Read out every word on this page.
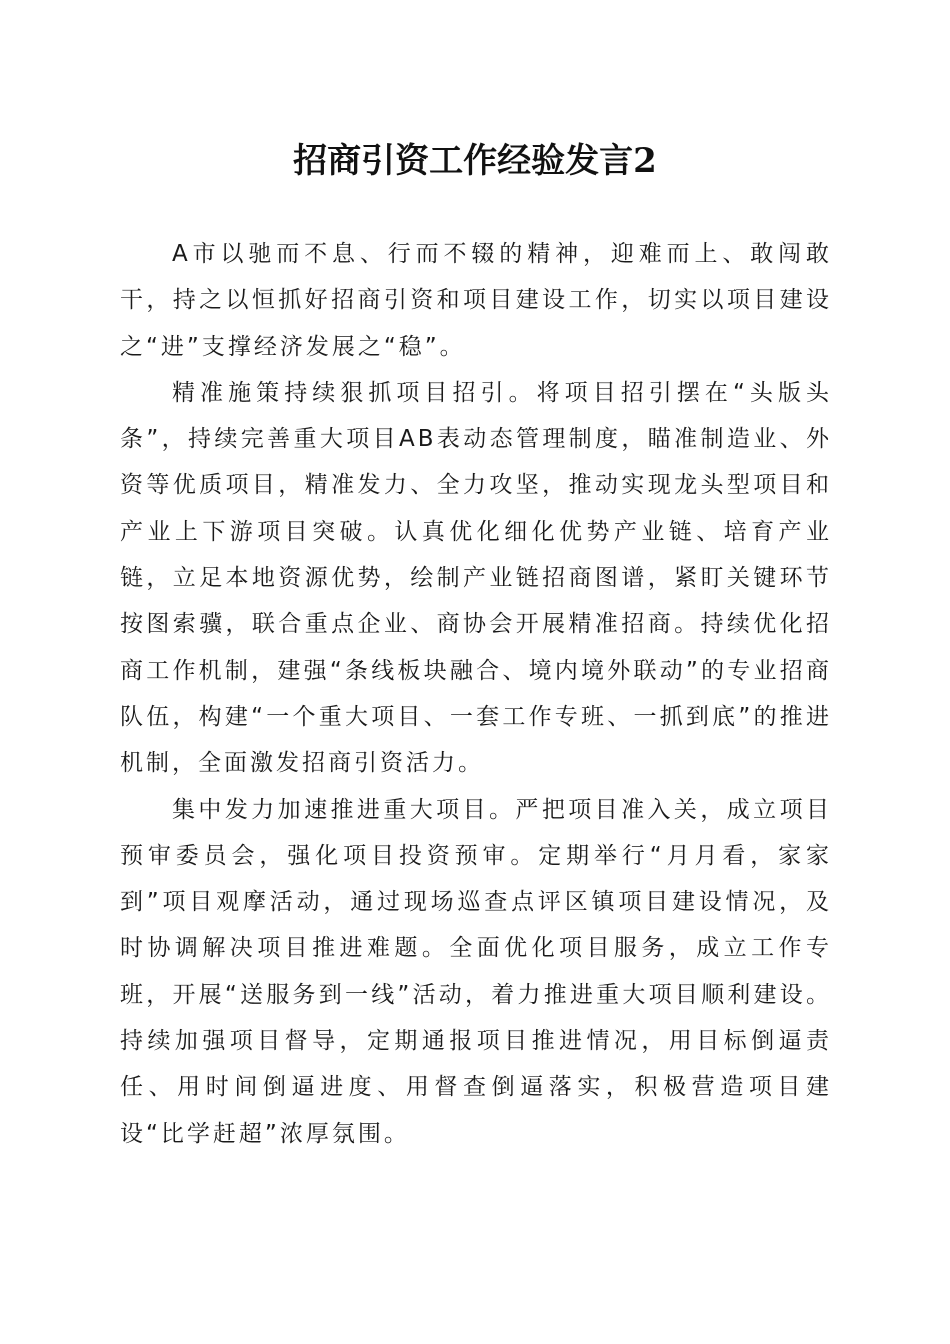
招商引资工作经验发言2

A市以驰而不息、行而不辍的精神，迎难而上、敢闯敢干，持之以恒抓好招商引资和项目建设工作，切实以项目建设之“进”支撑经济发展之“稳”。

精准施策持续狠抓项目招引。将项目招引摆在“头版头条”，持续完善重大项目AB表动态管理制度，瞄准制造业、外资等优质项目，精准发力、全力攻坚，推动实现龙头型项目和产业上下游项目突破。认真优化细化优势产业链、培育产业链，立足本地资源优势，绘制产业链招商图谱，紧盯关键环节按图索骥，联合重点企业、商协会开展精准招商。持续优化招商工作机制，建强“条线板块融合、境内境外联动”的专业招商队伍，构建“一个重大项目、一套工作专班、一抓到底”的推进机制，全面激发招商引资活力。

集中发力加速推进重大项目。严把项目准入关，成立项目预审委员会，强化项目投资预审。定期举行“月月看，家家到”项目观摩活动，通过现场巡查点评区镇项目建设情况，及时协调解决项目推进难题。全面优化项目服务，成立工作专班，开展“送服务到一线”活动，着力推进重大项目顺利建设。持续加强项目督导，定期通报项目推进情况，用目标倒逼责任、用时间倒逼进度、用督查倒逼落实，积极营造项目建设“比学赶超”浓厚氛围。
